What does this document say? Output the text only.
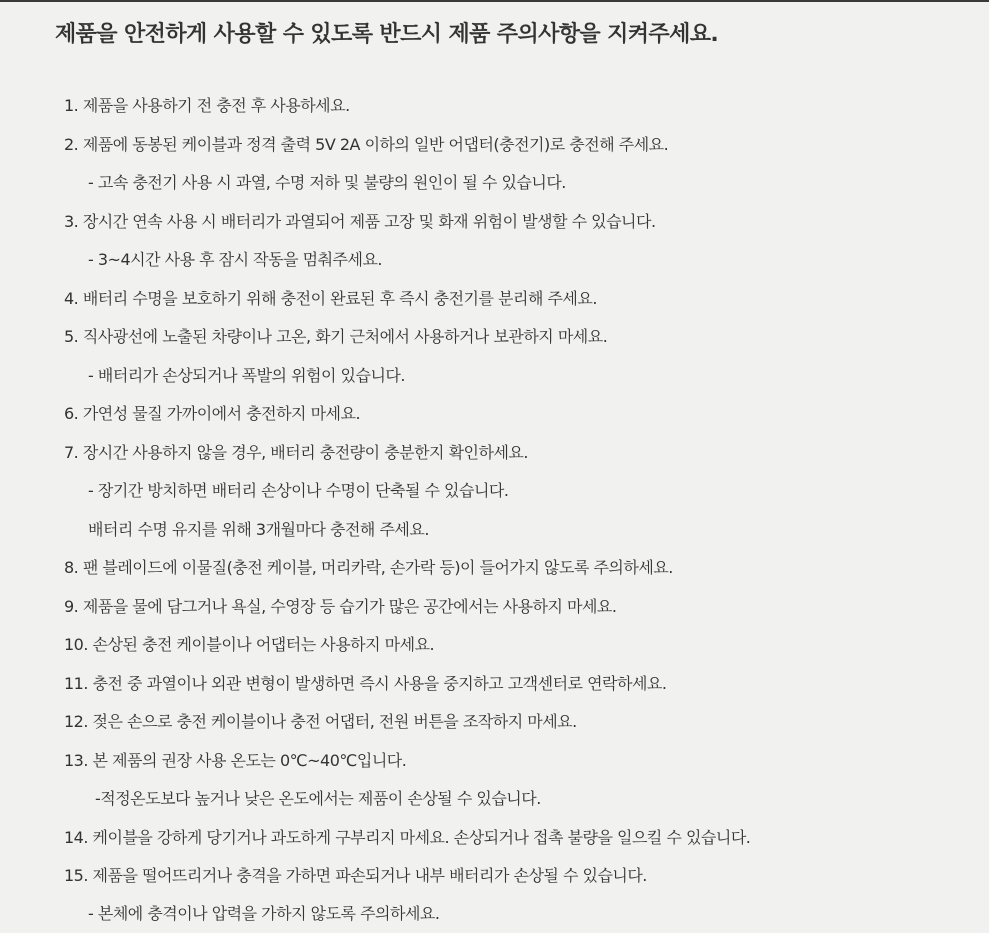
제품을 안전하게 사용할 수 있도록 반드시 제품 주의사항을 지켜주세요.
1. 제품을 사용하기 전 충전 후 사용하세요.
2. 제품에 동봉된 케이블과 정격 출력 5V 2A 이하의 일반 어댑터(충전기)로 충전해 주세요.
- 고속 충전기 사용 시 과열, 수명 저하 및 불량의 원인이 될 수 있습니다.
3. 장시간 연속 사용 시 배터리가 과열되어 제품 고장 및 화재 위험이 발생할 수 있습니다.
- 3~4시간 사용 후 잠시 작동을 멈춰주세요.
4. 배터리 수명을 보호하기 위해 충전이 완료된 후 즉시 충전기를 분리해 주세요.
5. 직사광선에 노출된 차량이나 고온, 화기 근처에서 사용하거나 보관하지 마세요.
- 배터리가 손상되거나 폭발의 위험이 있습니다.
6. 가연성 물질 가까이에서 충전하지 마세요.
7. 장시간 사용하지 않을 경우, 배터리 충전량이 충분한지 확인하세요.
- 장기간 방치하면 배터리 손상이나 수명이 단축될 수 있습니다.
배터리 수명 유지를 위해 3개월마다 충전해 주세요.
8. 팬 블레이드에 이물질(충전 케이블, 머리카락, 손가락 등)이 들어가지 않도록 주의하세요.
9. 제품을 물에 담그거나 욕실, 수영장 등 습기가 많은 공간에서는 사용하지 마세요.
10. 손상된 충전 케이블이나 어댑터는 사용하지 마세요.
11. 충전 중 과열이나 외관 변형이 발생하면 즉시 사용을 중지하고 고객센터로 연락하세요.
12. 젖은 손으로 충전 케이블이나 충전 어댑터, 전원 버튼을 조작하지 마세요.
13. 본 제품의 권장 사용 온도는 0℃~40℃입니다.
-적정온도보다 높거나 낮은 온도에서는 제품이 손상될 수 있습니다.
14. 케이블을 강하게 당기거나 과도하게 구부리지 마세요. 손상되거나 접촉 불량을 일으킬 수 있습니다.
15. 제품을 떨어뜨리거나 충격을 가하면 파손되거나 내부 배터리가 손상될 수 있습니다.
- 본체에 충격이나 압력을 가하지 않도록 주의하세요.
